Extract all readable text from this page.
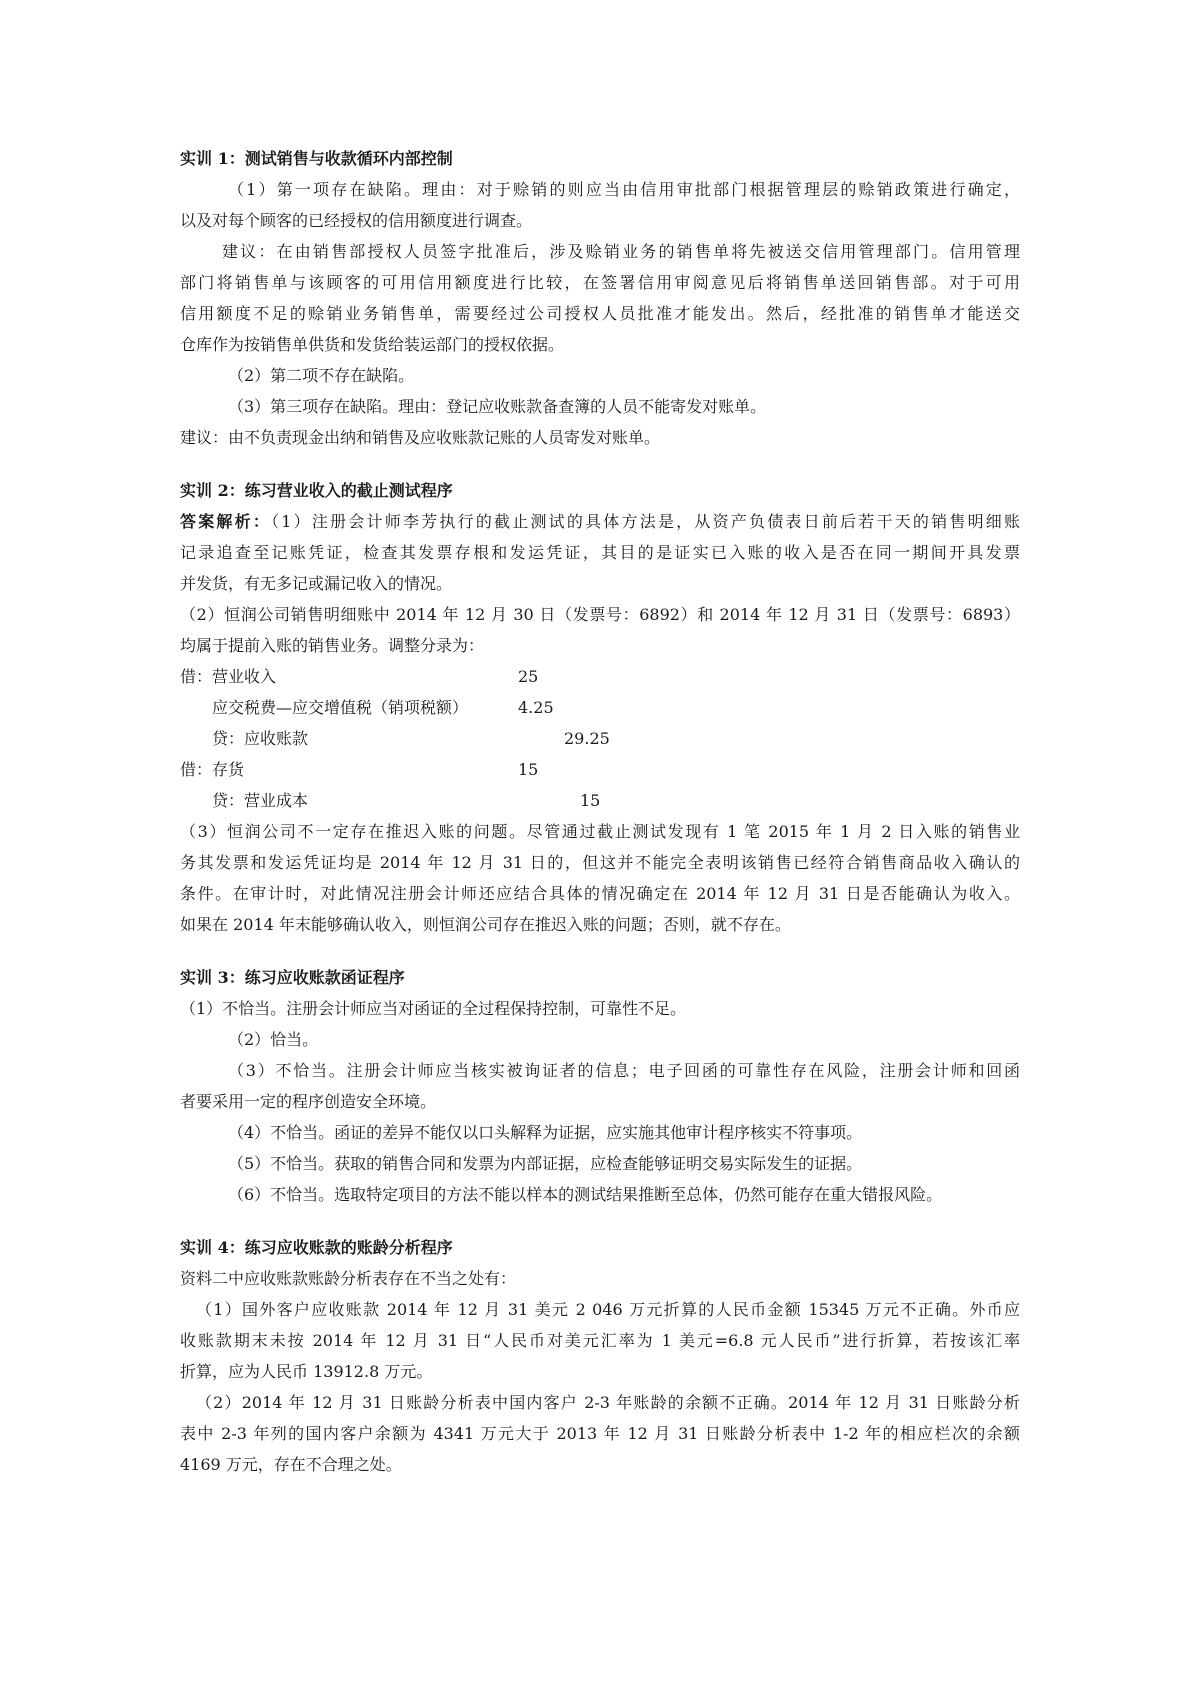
实训 1：测试销售与收款循环内部控制
（1）第一项存在缺陷。理由：对于赊销的则应当由信用审批部门根据管理层的赊销政策进行确定，
以及对每个顾客的已经授权的信用额度进行调查。
建议：在由销售部授权人员签字批准后，涉及赊销业务的销售单将先被送交信用管理部门。信用管理
部门将销售单与该顾客的可用信用额度进行比较，在签署信用审阅意见后将销售单送回销售部。对于可用
信用额度不足的赊销业务销售单，需要经过公司授权人员批准才能发出。然后，经批准的销售单才能送交
仓库作为按销售单供货和发货给装运部门的授权依据。
（2）第二项不存在缺陷。
（3）第三项存在缺陷。理由：登记应收账款备查簿的人员不能寄发对账单。
建议：由不负责现金出纳和销售及应收账款记账的人员寄发对账单。
实训 2：练习营业收入的截止测试程序
答案解析：（1）注册会计师李芳执行的截止测试的具体方法是，从资产负债表日前后若干天的销售明细账
记录追查至记账凭证，检查其发票存根和发运凭证，其目的是证实已入账的收入是否在同一期间开具发票
并发货，有无多记或漏记收入的情况。
（2）恒润公司销售明细账中 2014 年 12 月 30 日（发票号：6892）和 2014 年 12 月 31 日（发票号：6893）
均属于提前入账的销售业务。调整分录为：
借：营业收入	25
应交税费—应交增值税（销项税额）	4.25
贷：应收账款	29.25
借：存货	15
贷：营业成本	15
（3）恒润公司不一定存在推迟入账的问题。尽管通过截止测试发现有 1 笔 2015 年 1 月 2 日入账的销售业
务其发票和发运凭证均是 2014 年 12 月 31 日的，但这并不能完全表明该销售已经符合销售商品收入确认的
条件。在审计时，对此情况注册会计师还应结合具体的情况确定在 2014 年 12 月 31 日是否能确认为收入。
如果在 2014 年末能够确认收入，则恒润公司存在推迟入账的问题；否则，就不存在。
实训 3：练习应收账款函证程序
（1）不恰当。注册会计师应当对函证的全过程保持控制，可靠性不足。
（2）恰当。
（3）不恰当。注册会计师应当核实被询证者的信息；电子回函的可靠性存在风险，注册会计师和回函
者要采用一定的程序创造安全环境。
（4）不恰当。函证的差异不能仅以口头解释为证据，应实施其他审计程序核实不符事项。
（5）不恰当。获取的销售合同和发票为内部证据，应检查能够证明交易实际发生的证据。
（6）不恰当。选取特定项目的方法不能以样本的测试结果推断至总体，仍然可能存在重大错报风险。
实训 4：练习应收账款的账龄分析程序
资料二中应收账款账龄分析表存在不当之处有：
（1）国外客户应收账款 2014 年 12 月 31 美元 2 046 万元折算的人民币金额 15345 万元不正确。外币应
收账款期末未按 2014 年 12 月 31 日“人民币对美元汇率为 1 美元=6.8 元人民币”进行折算，若按该汇率
折算，应为人民币 13912.8 万元。
（2）2014 年 12 月 31 日账龄分析表中国内客户 2-3 年账龄的余额不正确。2014 年 12 月 31 日账龄分析
表中 2-3 年列的国内客户余额为 4341 万元大于 2013 年 12 月 31 日账龄分析表中 1-2 年的相应栏次的余额
4169 万元，存在不合理之处。
